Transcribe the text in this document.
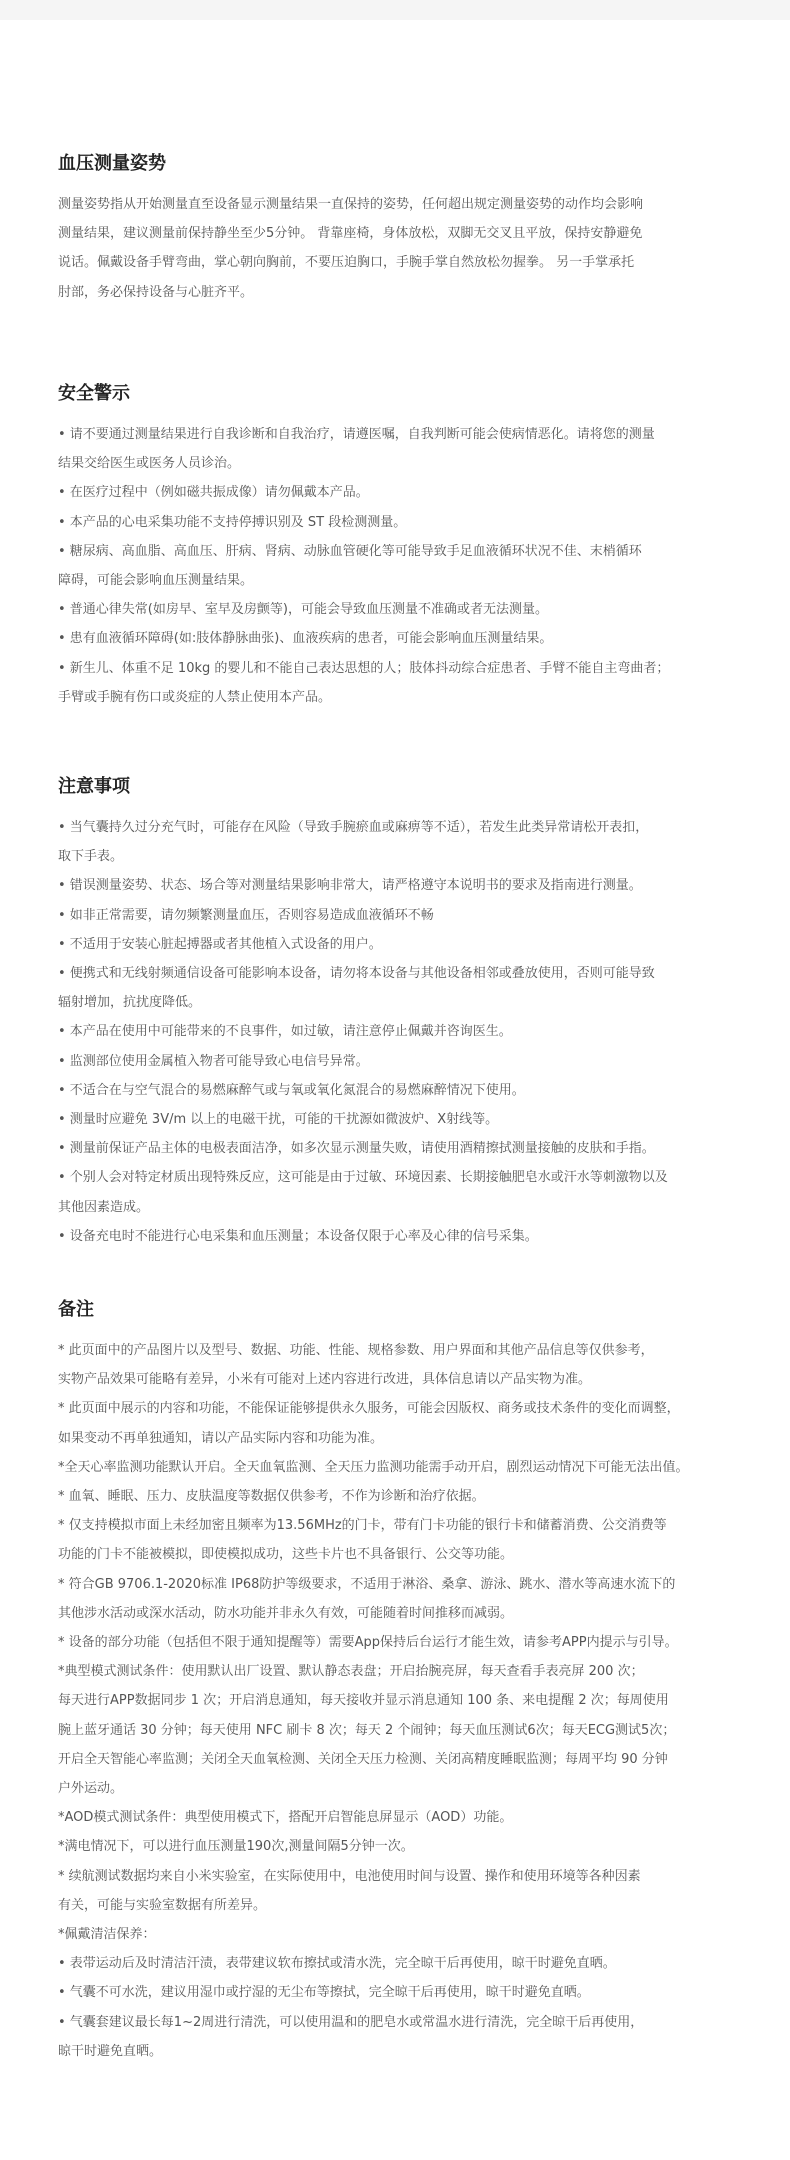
血压测量姿势

测量姿势指从开始测量直至设备显示测量结果一直保持的姿势，任何超出规定测量姿势的动作均会影响

测量结果，建议测量前保持静坐至少5分钟。 背靠座椅，身体放松，双脚无交叉且平放，保持安静避免

说话。佩戴设备手臂弯曲，掌心朝向胸前，不要压迫胸口，手腕手掌自然放松勿握拳。 另一手掌承托

肘部，务必保持设备与心脏齐平。

安全警示

• 请不要通过测量结果进行自我诊断和自我治疗，请遵医嘱，自我判断可能会使病情恶化。请将您的测量

结果交给医生或医务人员诊治。

• 在医疗过程中（例如磁共振成像）请勿佩戴本产品。

• 本产品的心电采集功能不支持停搏识别及 ST 段检测测量。

• 糖尿病、高血脂、高血压、肝病、肾病、动脉血管硬化等可能导致手足血液循环状况不佳、末梢循环

障碍，可能会影响血压测量结果。

• 普通心律失常(如房早、室早及房颤等)，可能会导致血压测量不准确或者无法测量。

• 患有血液循环障碍(如:肢体静脉曲张)、血液疾病的患者，可能会影响血压测量结果。

• 新生儿、体重不足 10kg 的婴儿和不能自己表达思想的人；肢体抖动综合症患者、手臂不能自主弯曲者；

手臂或手腕有伤口或炎症的人禁止使用本产品。

注意事项

• 当气囊持久过分充气时，可能存在风险（导致手腕瘀血或麻痹等不适），若发生此类异常请松开表扣，

取下手表。

• 错误测量姿势、状态、场合等对测量结果影响非常大，请严格遵守本说明书的要求及指南进行测量。

• 如非正常需要，请勿频繁测量血压，否则容易造成血液循环不畅

• 不适用于安装心脏起搏器或者其他植入式设备的用户。

• 便携式和无线射频通信设备可能影响本设备，请勿将本设备与其他设备相邻或叠放使用，否则可能导致

辐射增加，抗扰度降低。

• 本产品在使用中可能带来的不良事件，如过敏，请注意停止佩戴并咨询医生。

• 监测部位使用金属植入物者可能导致心电信号异常。

• 不适合在与空气混合的易燃麻醉气或与氧或氧化氮混合的易燃麻醉情况下使用。

• 测量时应避免 3V/m 以上的电磁干扰，可能的干扰源如微波炉、X射线等。

• 测量前保证产品主体的电极表面洁净，如多次显示测量失败，请使用酒精擦拭测量接触的皮肤和手指。

• 个别人会对特定材质出现特殊反应，这可能是由于过敏、环境因素、长期接触肥皂水或汗水等刺激物以及

其他因素造成。

• 设备充电时不能进行心电采集和血压测量；本设备仅限于心率及心律的信号采集。

备注

* 此页面中的产品图片以及型号、数据、功能、性能、规格参数、用户界面和其他产品信息等仅供参考，

实物产品效果可能略有差异，小米有可能对上述内容进行改进，具体信息请以产品实物为准。

* 此页面中展示的内容和功能，不能保证能够提供永久服务，可能会因版权、商务或技术条件的变化而调整，

如果变动不再单独通知，请以产品实际内容和功能为准。

*全天心率监测功能默认开启。全天血氧监测、全天压力监测功能需手动开启，剧烈运动情况下可能无法出值。

* 血氧、睡眠、压力、皮肤温度等数据仅供参考，不作为诊断和治疗依据。

* 仅支持模拟市面上未经加密且频率为13.56MHz的门卡，带有门卡功能的银行卡和储蓄消费、公交消费等

功能的门卡不能被模拟，即使模拟成功，这些卡片也不具备银行、公交等功能。

* 符合GB 9706.1-2020标准 IP68防护等级要求，不适用于淋浴、桑拿、游泳、跳水、潜水等高速水流下的

其他涉水活动或深水活动，防水功能并非永久有效，可能随着时间推移而减弱。

* 设备的部分功能（包括但不限于通知提醒等）需要App保持后台运行才能生效，请参考APP内提示与引导。

*典型模式测试条件：使用默认出厂设置、默认静态表盘；开启抬腕亮屏，每天查看手表亮屏 200 次；

每天进行APP数据同步 1 次；开启消息通知，每天接收并显示消息通知 100 条、来电提醒 2 次；每周使用

腕上蓝牙通话 30 分钟；每天使用 NFC 刷卡 8 次；每天 2 个闹钟；每天血压测试6次；每天ECG测试5次；

开启全天智能心率监测；关闭全天血氧检测、关闭全天压力检测、关闭高精度睡眠监测；每周平均 90 分钟

户外运动。

*AOD模式测试条件：典型使用模式下，搭配开启智能息屏显示（AOD）功能。

*满电情况下，可以进行血压测量190次,测量间隔5分钟一次。

* 续航测试数据均来自小米实验室，在实际使用中，电池使用时间与设置、操作和使用环境等各种因素

有关，可能与实验室数据有所差异。

*佩戴清洁保养：

• 表带运动后及时清洁汗渍，表带建议软布擦拭或清水洗，完全晾干后再使用，晾干时避免直晒。

• 气囊不可水洗，建议用湿巾或拧湿的无尘布等擦拭，完全晾干后再使用，晾干时避免直晒。

• 气囊套建议最长每1~2周进行清洗，可以使用温和的肥皂水或常温水进行清洗，完全晾干后再使用，

晾干时避免直晒。
